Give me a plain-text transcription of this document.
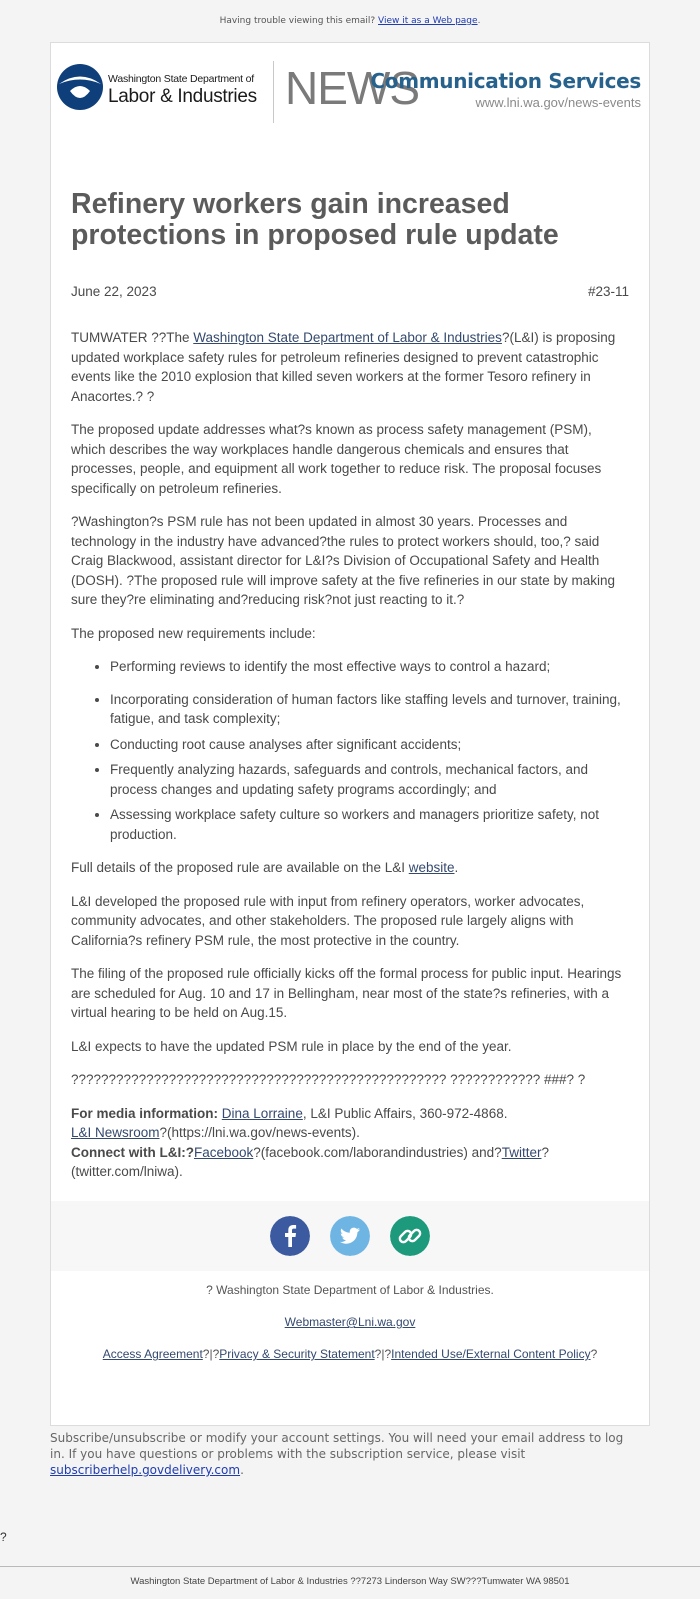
Having trouble viewing this email? View it as a Web page.
Washington State Department of
Labor & Industries NEWS
Communication Services
www.lni.wa.gov/news-events
Refinery workers gain increased protections in proposed rule update
June 22, 2023	#23-11

TUMWATER ??The Washington State Department of Labor & Industries?(L&I) is proposing updated workplace safety rules for petroleum refineries designed to prevent catastrophic events like the 2010 explosion that killed seven workers at the former Tesoro refinery in Anacortes.? ?

The proposed update addresses what?s known as process safety management (PSM), which describes the way workplaces handle dangerous chemicals and ensures that processes, people, and equipment all work together to reduce risk. The proposal focuses specifically on petroleum refineries.

?Washington?s PSM rule has not been updated in almost 30 years. Processes and technology in the industry have advanced?the rules to protect workers should, too,? said Craig Blackwood, assistant director for L&I?s Division of Occupational Safety and Health (DOSH). ?The proposed rule will improve safety at the five refineries in our state by making sure they?re eliminating and?reducing risk?not just reacting to it.?

The proposed new requirements include:

• Performing reviews to identify the most effective ways to control a hazard;
• Incorporating consideration of human factors like staffing levels and turnover, training, fatigue, and task complexity;
• Conducting root cause analyses after significant accidents;
• Frequently analyzing hazards, safeguards and controls, mechanical factors, and process changes and updating safety programs accordingly; and
• Assessing workplace safety culture so workers and managers prioritize safety, not production.

Full details of the proposed rule are available on the L&I website.

L&I developed the proposed rule with input from refinery operators, worker advocates, community advocates, and other stakeholders. The proposed rule largely aligns with California?s refinery PSM rule, the most protective in the country.

The filing of the proposed rule officially kicks off the formal process for public input. Hearings are scheduled for Aug. 10 and 17 in Bellingham, near most of the state?s refineries, with a virtual hearing to be held on Aug.15.

L&I expects to have the updated PSM rule in place by the end of the year.

?????????????????????????????????????????????????? ???????????? ###? ?

For media information: Dina Lorraine, L&I Public Affairs, 360-972-4868.
L&I Newsroom?(https://lni.wa.gov/news-events).
Connect with L&I:?Facebook?(facebook.com/laborandindustries) and?Twitter?(twitter.com/lniwa).

? Washington State Department of Labor & Industries.
Webmaster@Lni.wa.gov
Access Agreement?|?Privacy & Security Statement?|?Intended Use/External Content Policy?
Subscribe/unsubscribe or modify your account settings. You will need your email address to log in. If you have questions or problems with the subscription service, please visit subscriberhelp.govdelivery.com.
?
Washington State Department of Labor & Industries ??7273 Linderson Way SW???Tumwater WA 98501
